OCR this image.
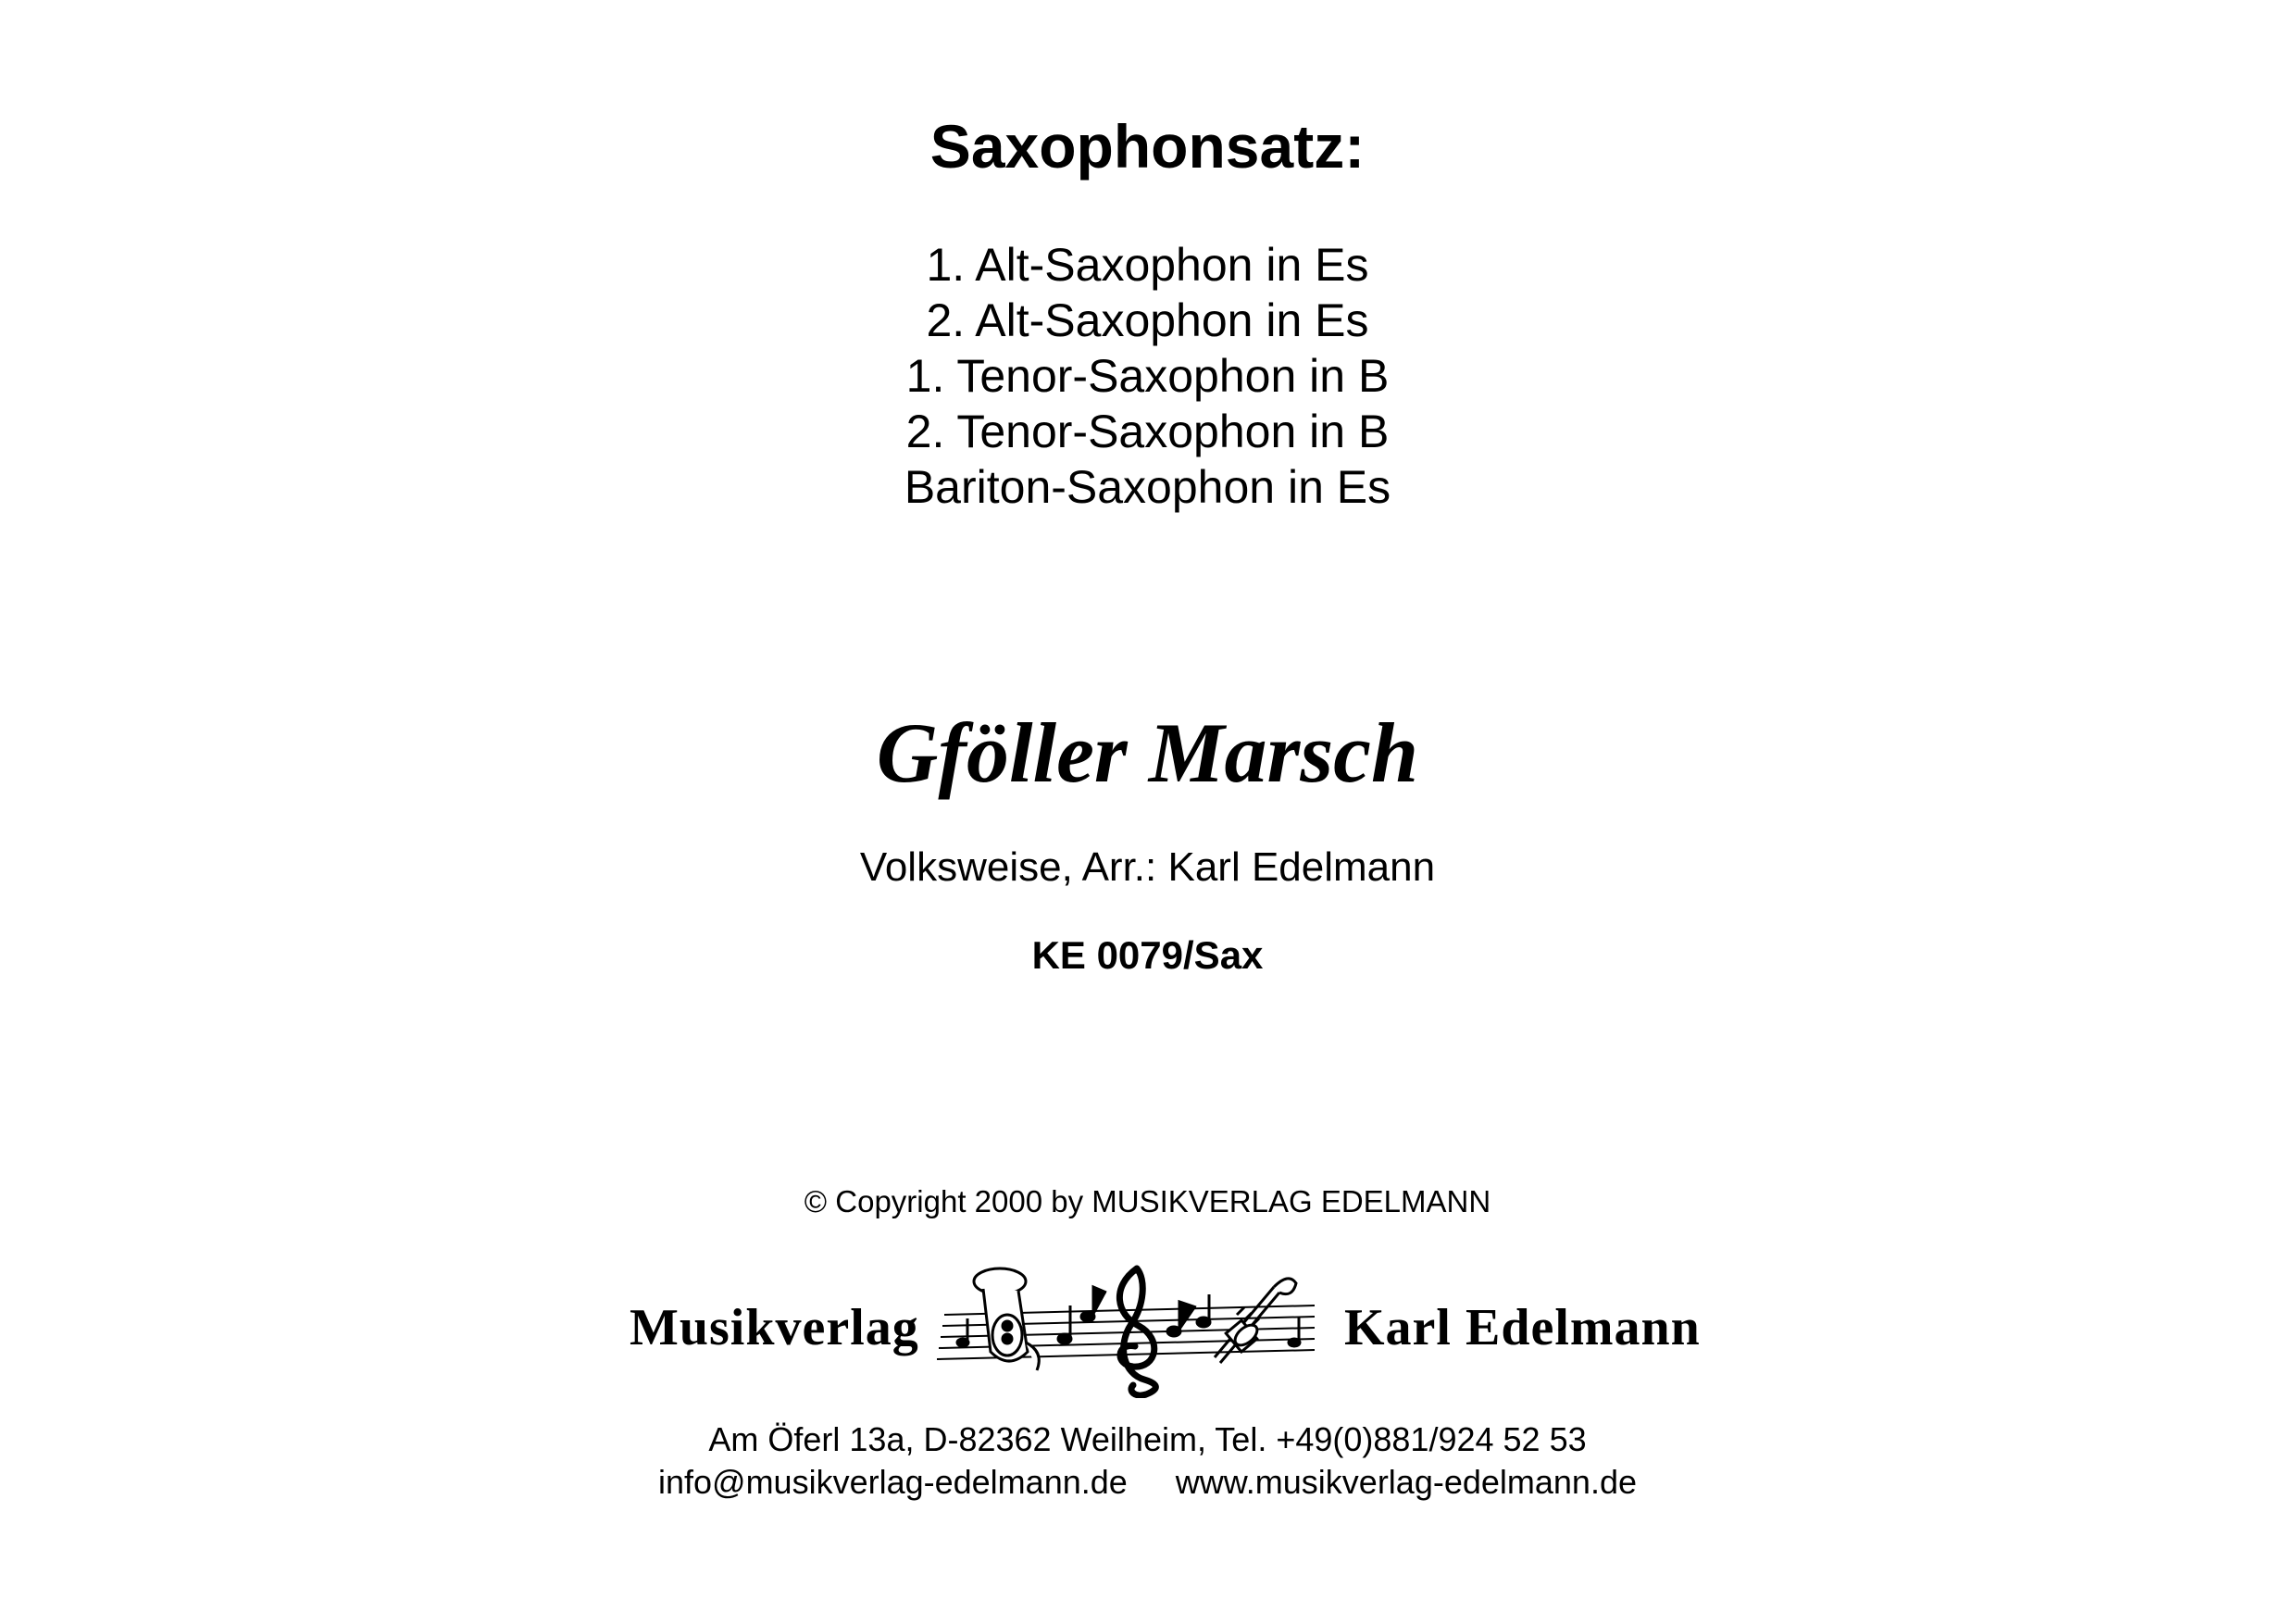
Saxophonsatz:
1. Alt-Saxophon in Es
2. Alt-Saxophon in Es
1. Tenor-Saxophon in B
2. Tenor-Saxophon in B
Bariton-Saxophon in Es
Gföller Marsch
Volksweise, Arr.: Karl Edelmann
KE 0079/Sax
© Copyright 2000 by MUSIKVERLAG EDELMANN
Musikverlag	Karl Edelmann
Am Öferl 13a, D-82362 Weilheim, Tel. +49(0)881/924 52 53
info@musikverlag-edelmann.de www.musikverlag-edelmann.de
